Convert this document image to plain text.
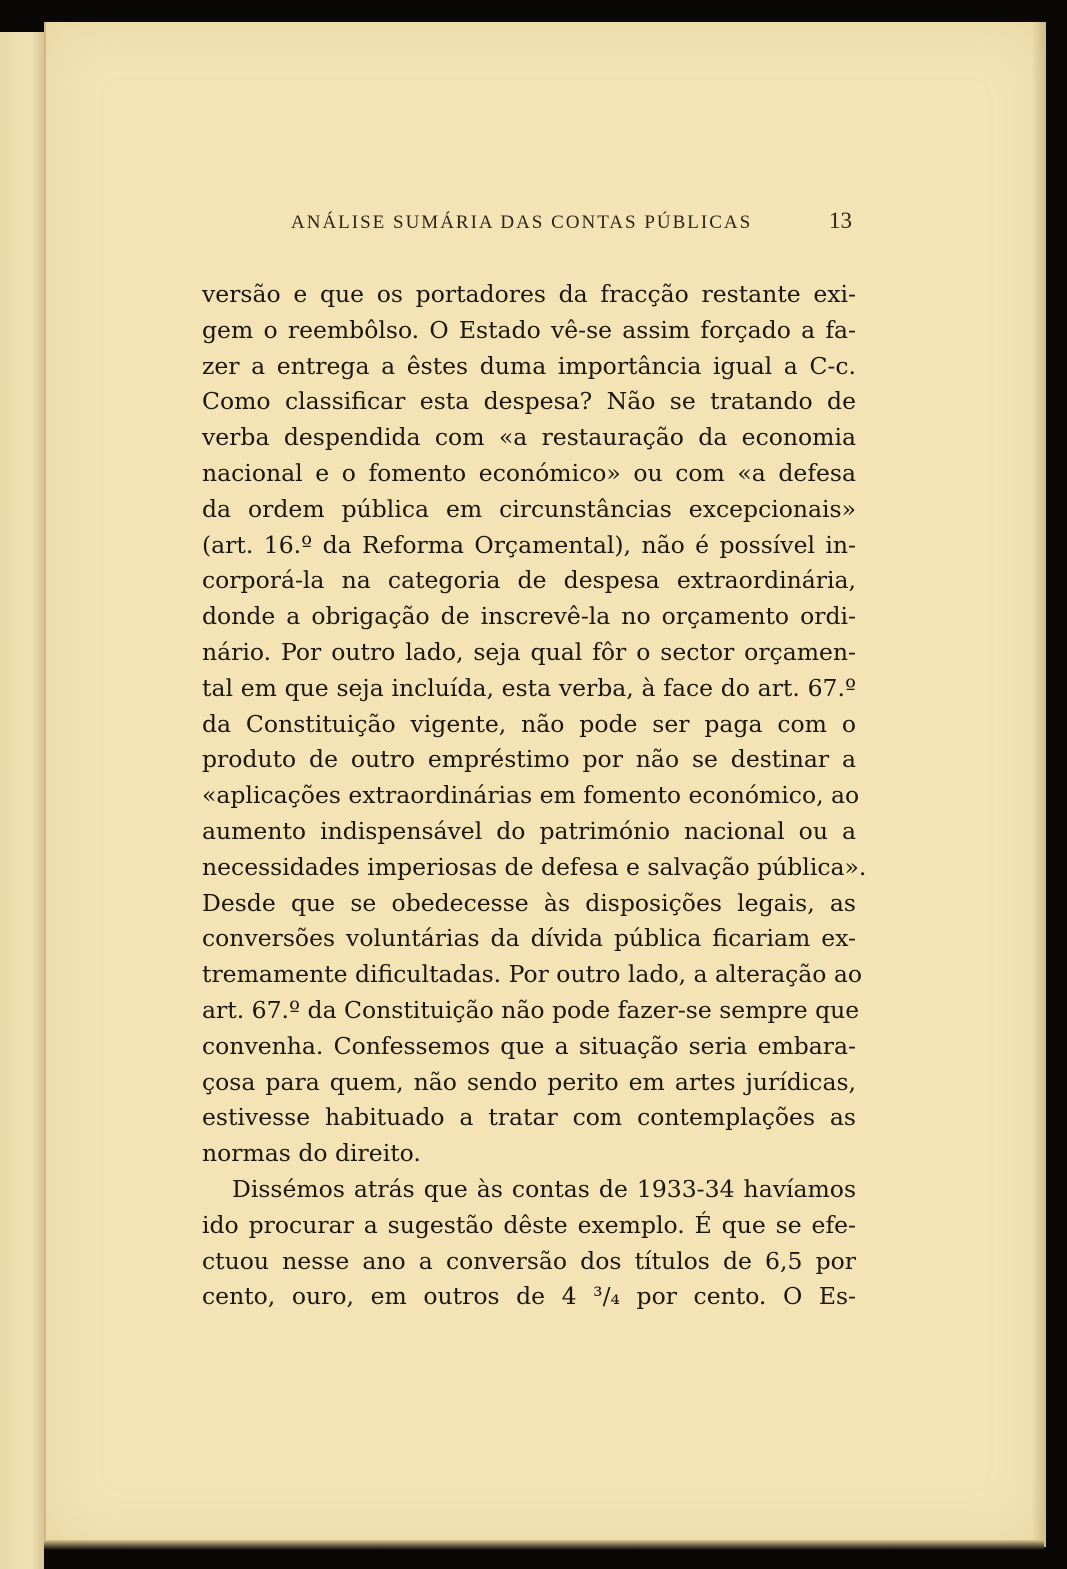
ANÁLISE SUMÁRIA DAS CONTAS PÚBLICAS	13

versão e que os portadores da fracção restante exi-
gem o reembôlso. O Estado vê-se assim forçado a fa-
zer a entrega a êstes duma importância igual a C-c.
Como classificar esta despesa? Não se tratando de
verba despendida com «a restauração da economia
nacional e o fomento económico» ou com «a defesa
da ordem pública em circunstâncias excepcionais»
(art. 16.º da Reforma Orçamental), não é possível in-
corporá-la na categoria de despesa extraordinária,
donde a obrigação de inscrevê-la no orçamento ordi-
nário. Por outro lado, seja qual fôr o sector orçamen-
tal em que seja incluída, esta verba, à face do art. 67.º
da Constituição vigente, não pode ser paga com o
produto de outro empréstimo por não se destinar a
«aplicações extraordinárias em fomento económico, ao
aumento indispensável do património nacional ou a
necessidades imperiosas de defesa e salvação pública».
Desde que se obedecesse às disposições legais, as
conversões voluntárias da dívida pública ficariam ex-
tremamente dificultadas. Por outro lado, a alteração ao
art. 67.º da Constituição não pode fazer-se sempre que
convenha. Confessemos que a situação seria embara-
çosa para quem, não sendo perito em artes jurídicas,
estivesse habituado a tratar com contemplações as
normas do direito.

Dissémos atrás que às contas de 1933-34 havíamos
ido procurar a sugestão dêste exemplo. É que se efe-
ctuou nesse ano a conversão dos títulos de 6,5 por
cento, ouro, em outros de 4 ³/₄ por cento. O Es-
